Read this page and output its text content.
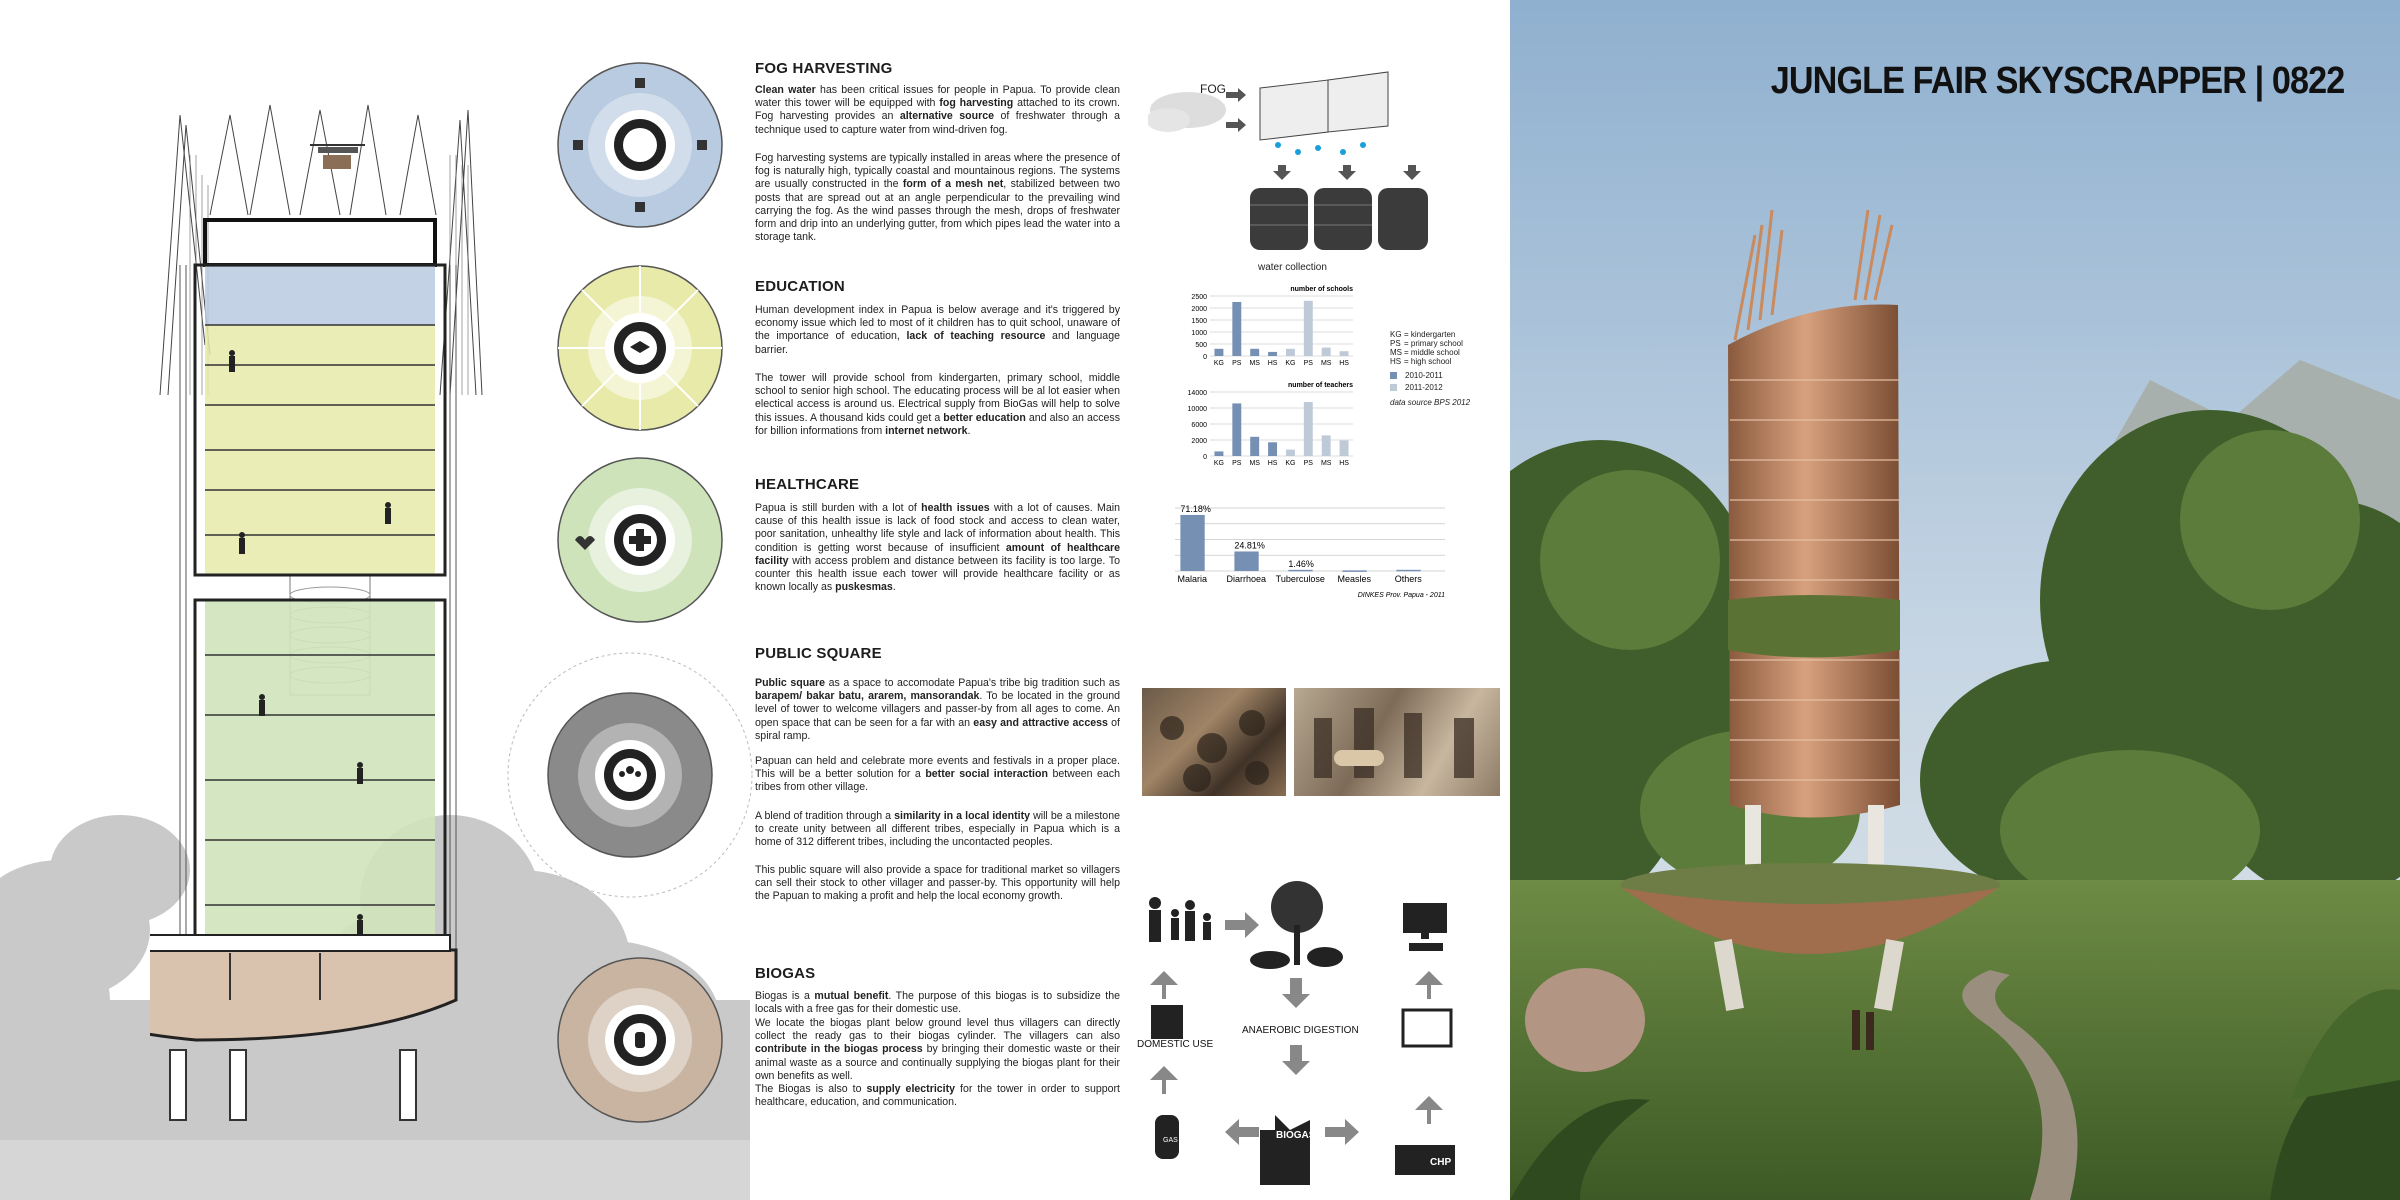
FOG HARVESTING
Clean water has been critical issues for people in Papua. To provide clean water this tower will be equipped with fog harvesting attached to its crown. Fog harvesting provides an alternative source of freshwater through a technique used to capture water from wind-driven fog.
Fog harvesting systems are typically installed in areas where the presence of fog is naturally high, typically coastal and mountainous regions. The systems are usually constructed in the form of a mesh net, stabilized between two posts that are spread out at an angle perpendicular to the prevailing wind carrying the fog. As the wind passes through the mesh, drops of freshwater form and drip into an underlying gutter, from which pipes lead the water into a storage tank.
EDUCATION
Human development index in Papua is below average and it's triggered by economy issue which led to most of it children has to quit school, unaware of the importance of education, lack of teaching resource and language barrier.
The tower will provide school from kindergarten, primary school, middle school to senior high school. The educating process will be al lot easier when electical access is around us. Electrical supply from BioGas will help to solve this issues. A thousand kids could get a better education and also an access for billion informations from internet network.
HEALTHCARE
Papua is still burden with a lot of health issues with a lot of causes. Main cause of this health issue is lack of food stock and access to clean water, poor sanitation, unhealthy life style and lack of information about health. This condition is getting worst because of insufficient amount of healthcare facility with access problem and distance between its facility is too large. To counter this health issue each tower will provide healthcare facility or as known locally as puskesmas.
PUBLIC SQUARE
Public square as a space to accomodate Papua's tribe big tradition such as barapem/ bakar batu, ararem, mansorandak. To be located in the ground level of tower to welcome villagers and passer-by from all ages to come. An open space that can be seen for a far with an easy and attractive access of spiral ramp.
Papuan can held and celebrate more events and festivals in a proper place. This will be a better solution for a better social interaction between each tribes from other village.
A blend of tradition through a similarity in a local identity will be a milestone to create unity between all different tribes, especially in Papua which is a home of 312 different tribes, including the uncontacted peoples.
This public square will also provide a space for traditional market so villagers can sell their stock to other villager and passer-by. This opportunity will help the Papuan to making a profit and help the local economy growth.
BIOGAS
Biogas is a mutual benefit. The purpose of this biogas is to subsidize the locals with a free gas for their domestic use.
We locate the biogas plant below ground level thus villagers can directly collect the ready gas to their biogas cylinder. The villagers can also contribute in the biogas process by bringing their domestic waste or their animal waste as a source and continually supplying the biogas plant for their own benefits as well.
The Biogas is also to supply electricity for the tower in order to support healthcare, education, and communication.
FOG
water collection
number of schools
2500
2000
1500
1000
500
0
KG PS MS HS KG PS MS HS
number of teachers
14000
10000
6000
2000
0
KG PS MS HS KG PS MS HS
71.18%
Malaria
24.81%
Diarrhoea
1.46%
Tuberculose Measles	Others
DINKES Prov. Papua - 2011
KG = kindergarten
PS = primary school
MS = middle school
HS = high school
2010-2011
2011-2012
data source BPS 2012
DOMESTIC USE
ANAEROBIC DIGESTION
BIOGAS
CHP
GAS
JUNGLE FAIR SKYSCRAPPER | 0822
